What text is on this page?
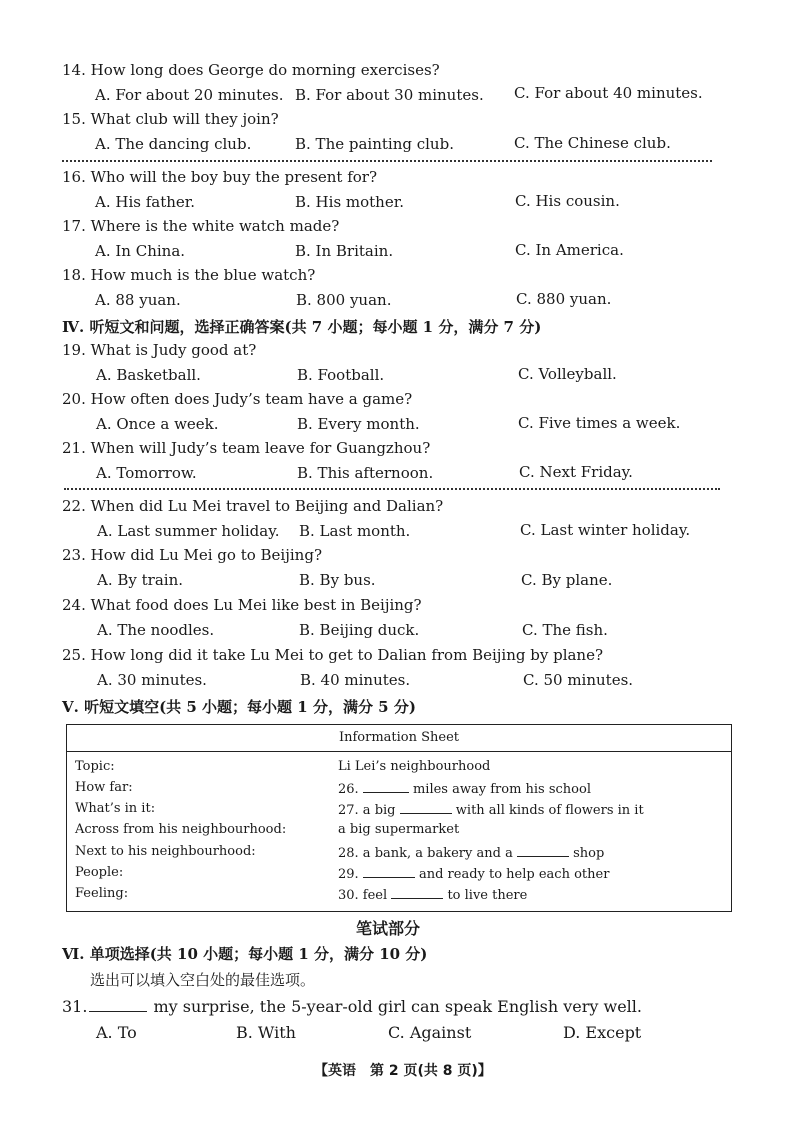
14. How long does George do morning exercises?
A. For about 20 minutes. B. For about 30 minutes. C. For about 40 minutes.
15. What club will they join?
A. The dancing club.	B. The painting club.	C. The Chinese club.
16. Who will the boy buy the present for?
A. His father.	B. His mother.	C. His cousin.
17. Where is the white watch made?
A. In China.	B. In Britain.	C. In America.
18. How much is the blue watch?
A. 88 yuan.	B. 800 yuan.	C. 880 yuan.
Ⅳ. 听短文和问题，选择正确答案(共 7 小题；每小题 1 分，满分 7 分)
19. What is Judy good at?
A. Basketball.	B. Football.	C. Volleyball.
20. How often does Judy’s team have a game?
A. Once a week.	B. Every month.	C. Five times a week.
21. When will Judy’s team leave for Guangzhou?
A. Tomorrow.	B. This afternoon.	C. Next Friday.
22. When did Lu Mei travel to Beijing and Dalian?
A. Last summer holiday. B. Last month.	C. Last winter holiday.
23. How did Lu Mei go to Beijing?
A. By train.	B. By bus.	C. By plane.
24. What food does Lu Mei like best in Beijing?
A. The noodles.	B. Beijing duck.	C. The fish.
25. How long did it take Lu Mei to get to Dalian from Beijing by plane?
A. 30 minutes.	B. 40 minutes.	C. 50 minutes.
Ⅴ. 听短文填空(共 5 小题；每小题 1 分，满分 5 分)
Information Sheet
Topic:	Li Lei’s neighbourhood
How far:	26.	miles away from his school
What’s in it:	27. a big	with all kinds of flowers in it
Across from his neighbourhood:	a big supermarket
Next to his neighbourhood:	28. a bank, a bakery and a	shop
People:	29.	and ready to help each other
Feeling:	30. feel	to live there
笔试部分
Ⅵ. 单项选择(共 10 小题；每小题 1 分，满分 10 分)
选出可以填入空白处的最佳选项。
31.	my surprise, the 5-year-old girl can speak English very well.
A. To	B. With	C. Against	D. Except
【英语　第 2 页(共 8 页)】
